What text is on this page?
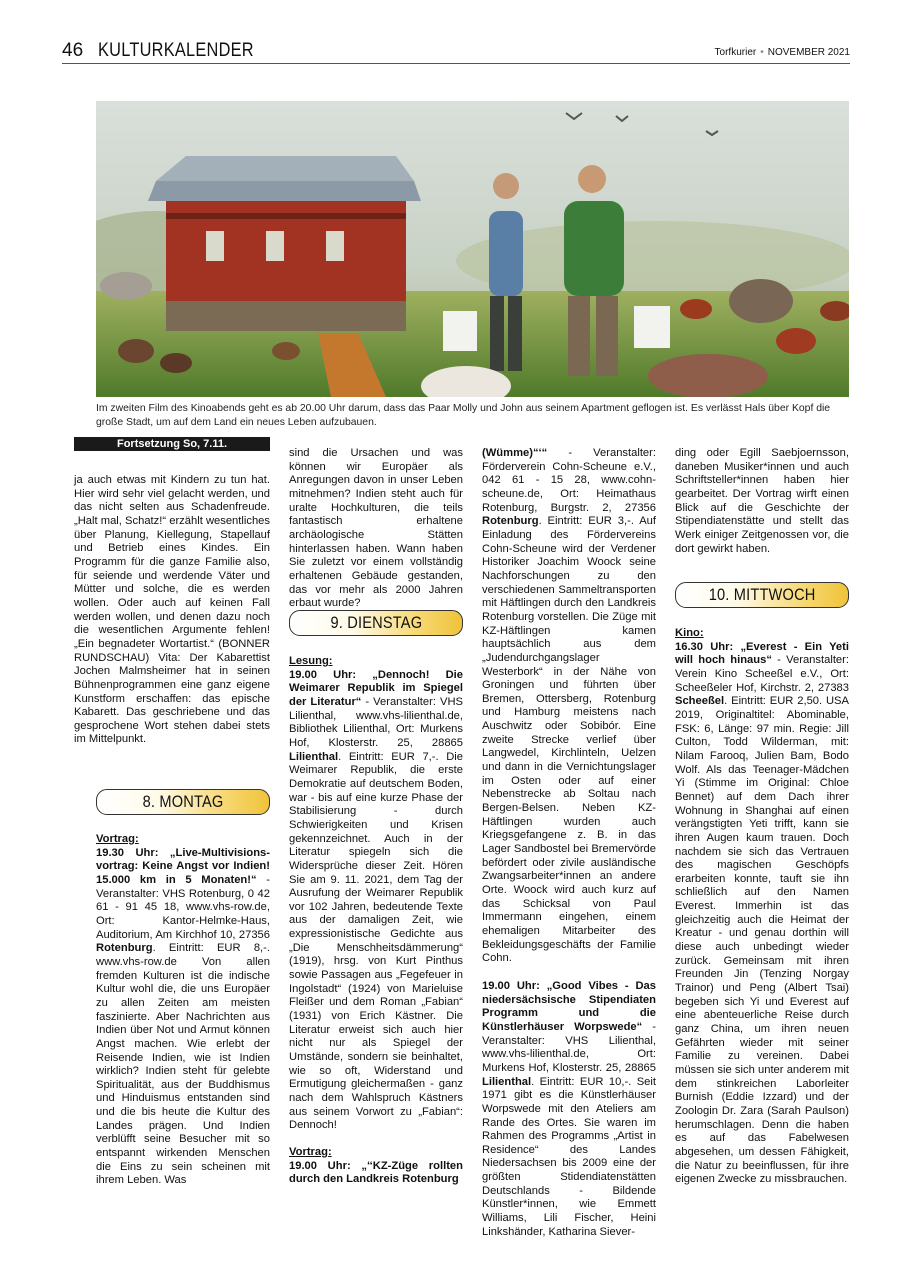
46 KULTURKALENDER	Torfkurier • NOVEMBER 2021
Im zweiten Film des Kinoabends geht es ab 20.00 Uhr darum, dass das Paar Molly und John aus seinem Apartment geflogen ist. Es verlässt Hals über Kopf die große Stadt, um auf dem Land ein neues Leben aufzubauen.
Fortsetzung So, 7.11.

ja auch etwas mit Kindern zu tun hat. Hier wird sehr viel gelacht werden, und das nicht selten aus Schadenfreude. „Halt mal, Schatz!“ erzählt wesentliches über Planung, Kiellegung, Stapellauf und Betrieb eines Kindes. Ein Programm für die ganze Familie also, für seiende und werdende Väter und Mütter und solche, die es werden wollen. Oder auch auf keinen Fall werden wollen, und denen dazu noch die wesentlichen Argumente fehlen! „Ein begnadeter Wortartist.“ (BONNER RUNDSCHAU) Vita: Der Kabarettist Jochen Malmsheimer hat in seinen Bühnenprogrammen eine ganz eigene Kunstform erschaffen: das epische Kabarett. Das geschriebene und das gesprochene Wort stehen dabei stets im Mittelpunkt.

8. MONTAG

Vortrag:

19.30 Uhr: „Live-Multivisions-vortrag: Keine Angst vor Indien! 15.000 km in 5 Monaten!“ - Veranstalter: VHS Rotenburg, 0 42 61 - 91 45 18, www.vhs-row.de, Ort: Kantor-Helmke-Haus, Auditorium, Am Kirchhof 10, 27356 Rotenburg. Eintritt: EUR 8,-. www.vhs-row.de Von allen fremden Kulturen ist die indische Kultur wohl die, die uns Europäer zu allen Zeiten am meisten faszinierte. Aber Nachrichten aus Indien über Not und Armut können Angst machen. Wie erlebt der Reisende Indien, wie ist Indien wirklich? Indien steht für gelebte Spiritualität, aus der Buddhismus und Hinduismus entstanden sind und die bis heute die Kultur des Landes prägen. Und Indien verblüfft seine Besucher mit so entspannt wirkenden Menschen die Eins zu sein scheinen mit ihrem Leben. Was

sind die Ursachen und was können wir Europäer als Anregungen davon in unser Leben mitnehmen? Indien steht auch für uralte Hochkulturen, die teils fantastisch erhaltene archäologische Stätten hinterlassen haben. Wann haben Sie zuletzt vor einem vollständig erhaltenen Gebäude gestanden, das vor mehr als 2000 Jahren erbaut wurde?

9. DIENSTAG

Lesung:

19.00 Uhr: „Dennoch! Die Weimarer Republik im Spiegel der Literatur“ - Veranstalter: VHS Lilienthal, www.vhs-lilienthal.de, Bibliothek Lilienthal, Ort: Murkens Hof, Klosterstr. 25, 28865 Lilienthal. Eintritt: EUR 7,-. Die Weimarer Republik, die erste Demokratie auf deutschem Boden, war - bis auf eine kurze Phase der Stabilisierung - durch Schwierigkeiten und Krisen gekennzeichnet. Auch in der Literatur spiegeln sich die Widersprüche dieser Zeit. Hören Sie am 9. 11. 2021, dem Tag der Ausrufung der Weimarer Republik vor 102 Jahren, bedeutende Texte aus der damaligen Zeit, wie expressionistische Gedichte aus „Die Menschheitsdämmerung“ (1919), hrsg. von Kurt Pinthus sowie Passagen aus „Fegefeuer in Ingolstadt“ (1924) von Marieluise Fleißer und dem Roman „Fabian“ (1931) von Erich Kästner. Die Literatur erweist sich auch hier nicht nur als Spiegel der Umstände, sondern sie beinhaltet, wie so oft, Widerstand und Ermutigung gleichermaßen - ganz nach dem Wahlspruch Kästners aus seinem Vorwort zu „Fabian“: Dennoch!

Vortrag:

19.00 Uhr: „‘‘KZ-Züge rollten durch den Landkreis Rotenburg

(Wümme)“‘“ - Veranstalter: Förderverein Cohn-Scheune e.V., 042 61 - 15 28, www.cohn-scheune.de, Ort: Heimathaus Rotenburg, Burgstr. 2, 27356 Rotenburg. Eintritt: EUR 3,-. Auf Einladung des Fördervereins Cohn-Scheune wird der Verdener Historiker Joachim Woock seine Nachforschungen zu den verschiedenen Sammeltransporten mit Häftlingen durch den Landkreis Rotenburg vorstellen. Die Züge mit KZ-Häftlingen kamen hauptsächlich aus dem „Judendurchgangslager Westerbork“ in der Nähe von Groningen und führten über Bremen, Ottersberg, Rotenburg und Hamburg meistens nach Auschwitz oder Sobibór. Eine zweite Strecke verlief über Langwedel, Kirchlinteln, Uelzen und dann in die Vernichtungslager im Osten oder auf einer Nebenstrecke ab Soltau nach Bergen-Belsen. Neben KZ-Häftlingen wurden auch Kriegsgefangene z. B. in das Lager Sandbostel bei Bremervörde befördert oder zivile ausländische Zwangsarbeiter*innen an andere Orte. Woock wird auch kurz auf das Schicksal von Paul Immermann eingehen, einem ehemaligen Mitarbeiter des Bekleidungsgeschäfts der Familie Cohn.

19.00 Uhr: „Good Vibes - Das niedersächsische Stipendiaten Programm und die Künstlerhäuser Worpswede“ - Veranstalter: VHS Lilienthal, www.vhs-lilienthal.de, Ort: Murkens Hof, Klosterstr. 25, 28865 Lilienthal. Eintritt: EUR 10,-. Seit 1971 gibt es die Künstlerhäuser Worpswede mit den Ateliers am Rande des Ortes. Sie waren im Rahmen des Programms „Artist in Residence“ des Landes Niedersachsen bis 2009 eine der größten Stidendiatenstätten Deutschlands - Bildende Künstler*innen, wie Emmett Williams, Lili Fischer, Heini Linkshänder, Katharina Siever-

ding oder Egill Saebjoernsson, daneben Musiker*innen und auch Schriftsteller*innen haben hier gearbeitet. Der Vortrag wirft einen Blick auf die Geschichte der Stipendiatenstätte und stellt das Werk einiger Zeitgenossen vor, die dort gewirkt haben.

10. MITTWOCH

Kino:

16.30 Uhr: „Everest - Ein Yeti will hoch hinaus“ - Veranstalter: Verein Kino Scheeßel e.V., Ort: Scheeßeler Hof, Kirchstr. 2, 27383 Scheeßel. Eintritt: EUR 2,50. USA 2019, Originaltitel: Abominable, FSK: 6, Länge: 97 min. Regie: Jill Culton, Todd Wilderman, mit: Nilam Farooq, Julien Bam, Bodo Wolf. Als das Teenager-Mädchen Yi (Stimme im Original: Chloe Bennet) auf dem Dach ihrer Wohnung in Shanghai auf einen verängstigten Yeti trifft, kann sie ihren Augen kaum trauen. Doch nachdem sie sich das Vertrauen des magischen Geschöpfs erarbeiten konnte, tauft sie ihn schließlich auf den Namen Everest. Immerhin ist das gleichzeitig auch die Heimat der Kreatur - und genau dorthin will diese auch unbedingt wieder zurück. Gemeinsam mit ihren Freunden Jin (Tenzing Norgay Trainor) und Peng (Albert Tsai) begeben sich Yi und Everest auf eine abenteuerliche Reise durch ganz China, um ihren neuen Gefährten wieder mit seiner Familie zu vereinen. Dabei müssen sie sich unter anderem mit dem stinkreichen Laborleiter Burnish (Eddie Izzard) und der Zoologin Dr. Zara (Sarah Paulson) herumschlagen. Denn die haben es auf das Fabelwesen abgesehen, um dessen Fähigkeit, die Natur zu beeinflussen, für ihre eigenen Zwecke zu missbrauchen.
